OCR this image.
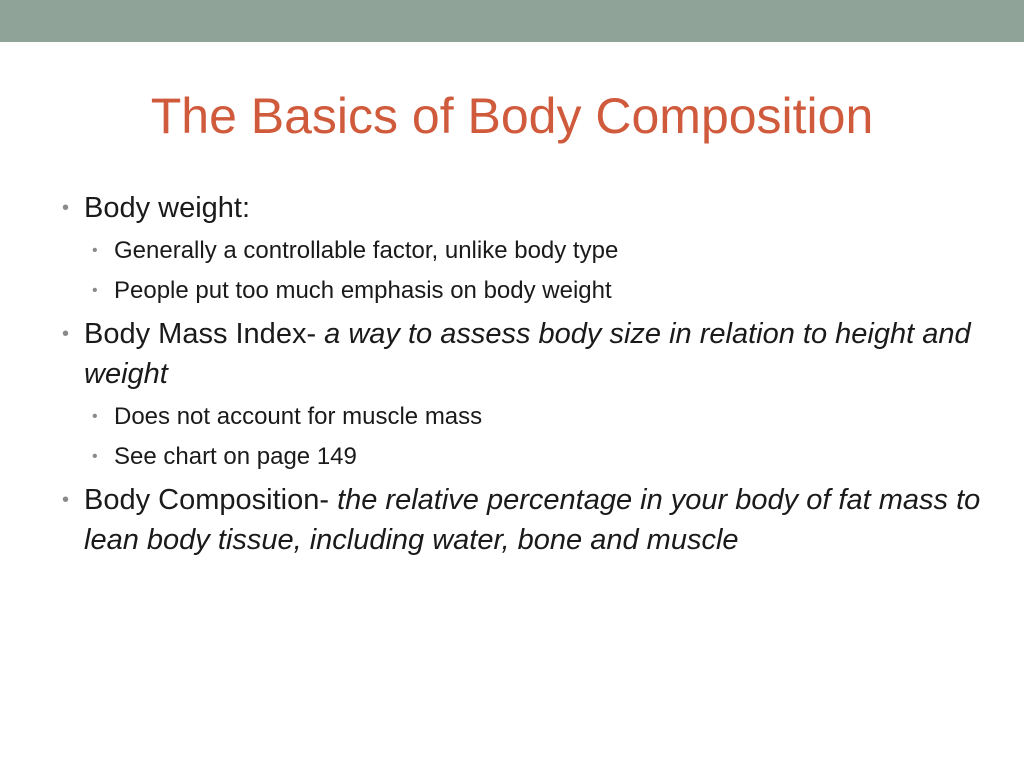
The Basics of Body Composition
• Body weight:
• Generally a controllable factor, unlike body type
• People put too much emphasis on body weight
• Body Mass Index- a way to assess body size in relation to height and weight
• Does not account for muscle mass
• See chart on page 149
• Body Composition- the relative percentage in your body of fat mass to lean body tissue, including water, bone and muscle
